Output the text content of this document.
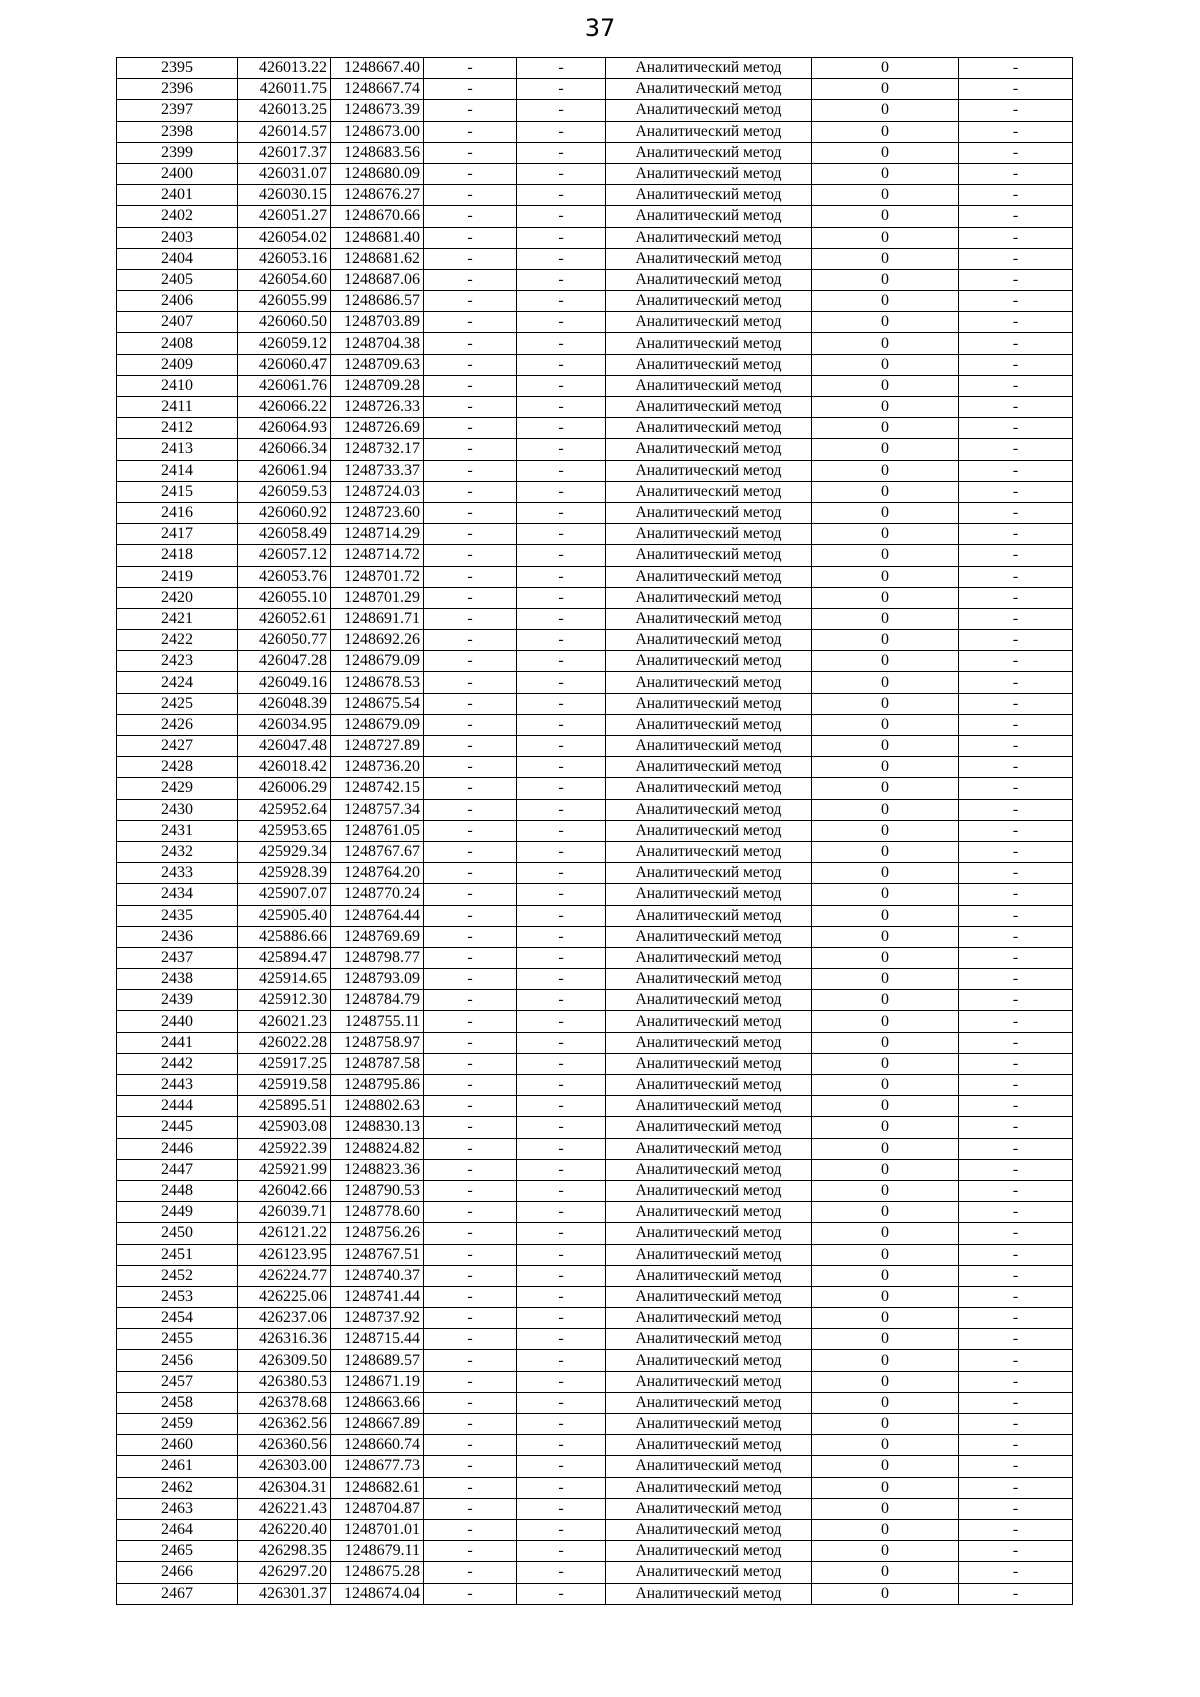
37
2395	426013.22	1248667.40	-	-	Аналитический метод	0	-
2396	426011.75	1248667.74	-	-	Аналитический метод	0	-
2397	426013.25	1248673.39	-	-	Аналитический метод	0	-
2398	426014.57	1248673.00	-	-	Аналитический метод	0	-
2399	426017.37	1248683.56	-	-	Аналитический метод	0	-
2400	426031.07	1248680.09	-	-	Аналитический метод	0	-
2401	426030.15	1248676.27	-	-	Аналитический метод	0	-
2402	426051.27	1248670.66	-	-	Аналитический метод	0	-
2403	426054.02	1248681.40	-	-	Аналитический метод	0	-
2404	426053.16	1248681.62	-	-	Аналитический метод	0	-
2405	426054.60	1248687.06	-	-	Аналитический метод	0	-
2406	426055.99	1248686.57	-	-	Аналитический метод	0	-
2407	426060.50	1248703.89	-	-	Аналитический метод	0	-
2408	426059.12	1248704.38	-	-	Аналитический метод	0	-
2409	426060.47	1248709.63	-	-	Аналитический метод	0	-
2410	426061.76	1248709.28	-	-	Аналитический метод	0	-
2411	426066.22	1248726.33	-	-	Аналитический метод	0	-
2412	426064.93	1248726.69	-	-	Аналитический метод	0	-
2413	426066.34	1248732.17	-	-	Аналитический метод	0	-
2414	426061.94	1248733.37	-	-	Аналитический метод	0	-
2415	426059.53	1248724.03	-	-	Аналитический метод	0	-
2416	426060.92	1248723.60	-	-	Аналитический метод	0	-
2417	426058.49	1248714.29	-	-	Аналитический метод	0	-
2418	426057.12	1248714.72	-	-	Аналитический метод	0	-
2419	426053.76	1248701.72	-	-	Аналитический метод	0	-
2420	426055.10	1248701.29	-	-	Аналитический метод	0	-
2421	426052.61	1248691.71	-	-	Аналитический метод	0	-
2422	426050.77	1248692.26	-	-	Аналитический метод	0	-
2423	426047.28	1248679.09	-	-	Аналитический метод	0	-
2424	426049.16	1248678.53	-	-	Аналитический метод	0	-
2425	426048.39	1248675.54	-	-	Аналитический метод	0	-
2426	426034.95	1248679.09	-	-	Аналитический метод	0	-
2427	426047.48	1248727.89	-	-	Аналитический метод	0	-
2428	426018.42	1248736.20	-	-	Аналитический метод	0	-
2429	426006.29	1248742.15	-	-	Аналитический метод	0	-
2430	425952.64	1248757.34	-	-	Аналитический метод	0	-
2431	425953.65	1248761.05	-	-	Аналитический метод	0	-
2432	425929.34	1248767.67	-	-	Аналитический метод	0	-
2433	425928.39	1248764.20	-	-	Аналитический метод	0	-
2434	425907.07	1248770.24	-	-	Аналитический метод	0	-
2435	425905.40	1248764.44	-	-	Аналитический метод	0	-
2436	425886.66	1248769.69	-	-	Аналитический метод	0	-
2437	425894.47	1248798.77	-	-	Аналитический метод	0	-
2438	425914.65	1248793.09	-	-	Аналитический метод	0	-
2439	425912.30	1248784.79	-	-	Аналитический метод	0	-
2440	426021.23	1248755.11	-	-	Аналитический метод	0	-
2441	426022.28	1248758.97	-	-	Аналитический метод	0	-
2442	425917.25	1248787.58	-	-	Аналитический метод	0	-
2443	425919.58	1248795.86	-	-	Аналитический метод	0	-
2444	425895.51	1248802.63	-	-	Аналитический метод	0	-
2445	425903.08	1248830.13	-	-	Аналитический метод	0	-
2446	425922.39	1248824.82	-	-	Аналитический метод	0	-
2447	425921.99	1248823.36	-	-	Аналитический метод	0	-
2448	426042.66	1248790.53	-	-	Аналитический метод	0	-
2449	426039.71	1248778.60	-	-	Аналитический метод	0	-
2450	426121.22	1248756.26	-	-	Аналитический метод	0	-
2451	426123.95	1248767.51	-	-	Аналитический метод	0	-
2452	426224.77	1248740.37	-	-	Аналитический метод	0	-
2453	426225.06	1248741.44	-	-	Аналитический метод	0	-
2454	426237.06	1248737.92	-	-	Аналитический метод	0	-
2455	426316.36	1248715.44	-	-	Аналитический метод	0	-
2456	426309.50	1248689.57	-	-	Аналитический метод	0	-
2457	426380.53	1248671.19	-	-	Аналитический метод	0	-
2458	426378.68	1248663.66	-	-	Аналитический метод	0	-
2459	426362.56	1248667.89	-	-	Аналитический метод	0	-
2460	426360.56	1248660.74	-	-	Аналитический метод	0	-
2461	426303.00	1248677.73	-	-	Аналитический метод	0	-
2462	426304.31	1248682.61	-	-	Аналитический метод	0	-
2463	426221.43	1248704.87	-	-	Аналитический метод	0	-
2464	426220.40	1248701.01	-	-	Аналитический метод	0	-
2465	426298.35	1248679.11	-	-	Аналитический метод	0	-
2466	426297.20	1248675.28	-	-	Аналитический метод	0	-
2467	426301.37	1248674.04	-	-	Аналитический метод	0	-
